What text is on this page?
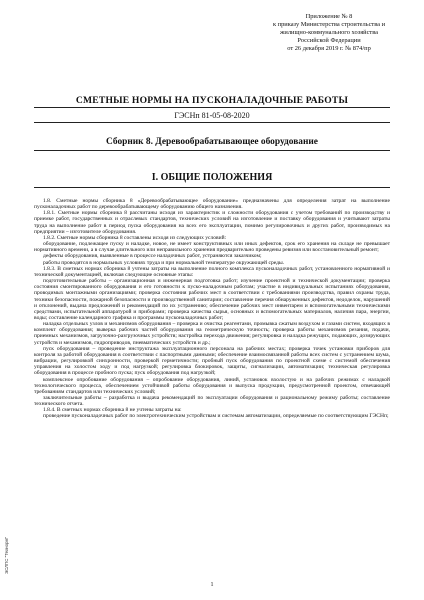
Приложение № 8
к приказу Министерства строительства и
жилищно-коммунального хозяйства
Российской Федерации
от 26 декабря 2019 г. № 874/пр
СМЕТНЫЕ НОРМЫ НА ПУСКОНАЛАДОЧНЫЕ РАБОТЫ
ГЭСНп 81-05-08-2020
Сборник 8. Деревообрабатывающее оборудование
I. ОБЩИЕ ПОЛОЖЕНИЯ

1.8. Сметные нормы сборника 8 «Деревообрабатывающее оборудование» предназначены для определения затрат на выполнение пусконаладочных работ по деревообрабатывающему оборудованию общего назначения.

1.8.1. Сметные нормы сборника 8 рассчитаны исходя из характеристик и сложности оборудования с учетом требований по производству и приемке работ, государственных и отраслевых стандартов, технических условий на изготовление и поставку оборудования и учитывают затраты труда на выполнение работ в период пуска оборудования на всех его эксплуатации, помимо регулировочных и других работ, производимых на предприятии – изготовителе оборудования.

1.8.2. Сметные нормы сборника 8 составлены исходя из следующих условий:

оборудование, подлежащее пуску и наладке, новое, не имеет конструктивных или иных дефектов, срок его хранения на складе не превышает нормативного времени, а в случае длительного или неправильного хранения предварительно проведены ревизия или восстановительный ремонт;

дефекты оборудования, выявленные в процессе наладочных работ, устраняются заказчиком;

работы проводятся в нормальных условиях труда и при нормальной температуре окружающей среды.

1.8.3. В сметных нормах сборника 8 учтены затраты на выполнение полного комплекса пусконаладочных работ, установленного нормативной и технической документацией, включая следующие основные этапы:

подготовительные работы – организационная и инженерная подготовка работ; изучение проектной и технической документации; проверка состояния смонтированного оборудования и его готовности к пуско-наладочным работам; участие в индивидуальных испытаниях оборудования, проводимых монтажными организациями; проверка состояния рабочих мест в соответствии с требованиями производства, правил охраны труда, техники безопасности, пожарной безопасности и производственной санитарии; составление перечня обнаруженных дефектов, недоделок, нарушений и отклонений, выдача предложений и рекомендаций по их устранению; обеспечение рабочих мест инвентарем и вспомогательными техническими средствами, испытательной аппаратурой и приборами; проверка качества сырья, основных и вспомогательных материалов, наличия пара, энергии, воды; составление календарного графика и программы пусконаладочных работ;

наладка отдельных узлов и механизмов оборудования – проверка и очистка реагентами, промывка сжатым воздухом и газами систем, входящих в комплект оборудования; выверка рабочих частей оборудования на геометрическую точность; проверка работы механизмов резания, подачи, приемных механизмов, загрузочно-разгрузочных устройств; настройка перехода движения; регулировка и наладка режущих, подающих, дозирующих устройств и механизмов, гидроприводов, пневматических устройств и др.;

пуск оборудования – проведение инструктажа эксплуатационного персонала на рабочих местах; проверка точек установки приборов для контроля за работой оборудования в соответствии с паспортными данными; обеспечение взаимосвязанной работы всех систем с устранением шума, вибрации, регулировкой синхронности, проверкой герметичности; пробный пуск оборудования по проектной схеме с системой обеспечения управления на холостом ходу и под нагрузкой; регулировка блокировок, защиты, сигнализации, автоматизации; техническая регулировка оборудования в процессе пробного пуска; пуск оборудования под нагрузкой;

комплексное опробование оборудования – опробование оборудования, линий, установок вхолостую и на рабочих режимах с наладкой технологического процесса, обеспечением устойчивой работы оборудования и выпуска продукции, предусмотренной проектом, отвечающей требованиям стандартов или технических условий;

заключительные работы – разработка и выдача рекомендаций по эксплуатации оборудования и рациональному режиму работы; составление технического отчета.

1.8.4. В сметных нормах сборника 8 не учтены затраты на:

проведение пусконаладочных работ по электротехническим устройствам и системам автоматизации, определяемые по соответствующим ГЭСНп;

ЭСЛПС "Технорм"
1
